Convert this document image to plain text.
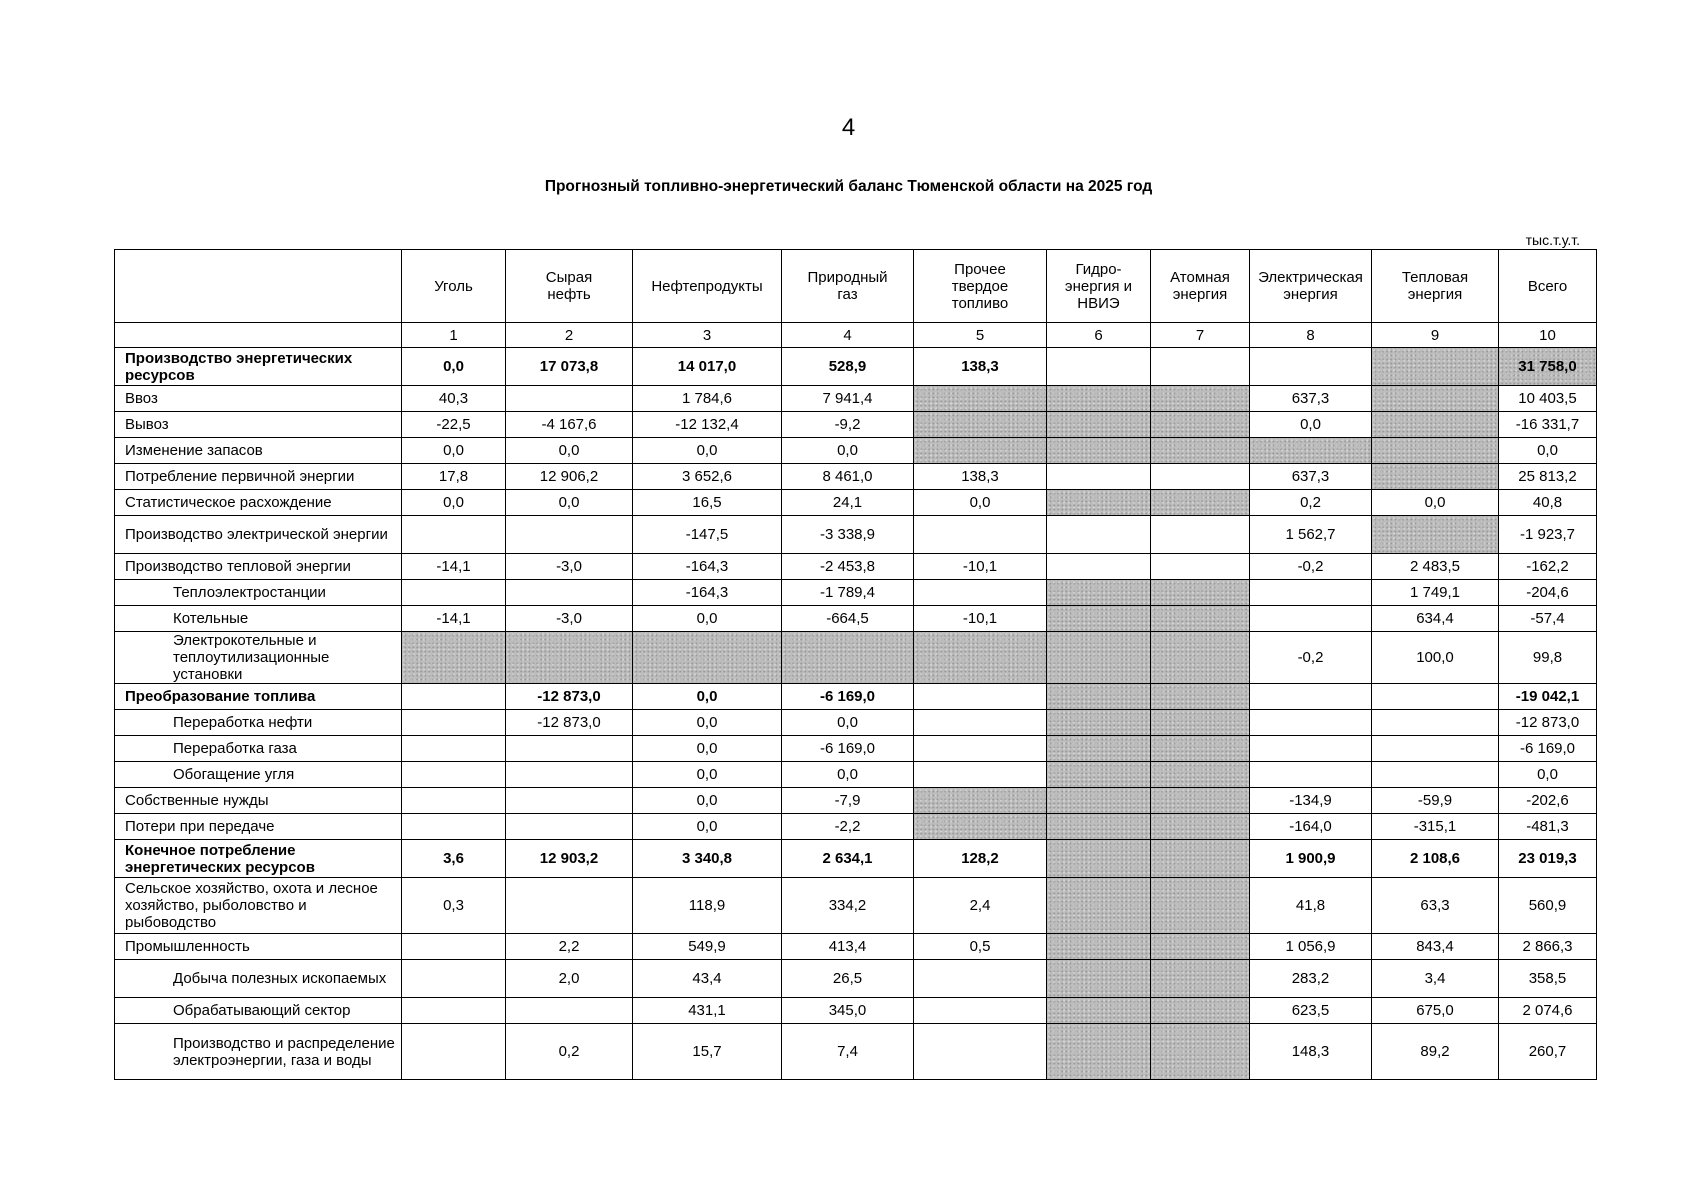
4
Прогнозный топливно-энергетический баланс Тюменской области на 2025 год
тыс.т.у.т.
	Уголь	Сырая нефть	Нефтепродукты	Природный газ	Прочее твердое топливо	Гидро-энергия и НВИЭ	Атомная энергия	Электрическая энергия	Тепловая энергия	Всего
	1	2	3	4	5	6	7	8	9	10
Производство энергетических ресурсов	0,0	17 073,8	14 017,0	528,9	138,3					31 758,0
Ввоз	40,3		1 784,6	7 941,4				637,3		10 403,5
Вывоз	-22,5	-4 167,6	-12 132,4	-9,2				0,0		-16 331,7
Изменение запасов	0,0	0,0	0,0	0,0						0,0
Потребление первичной энергии	17,8	12 906,2	3 652,6	8 461,0	138,3			637,3		25 813,2
Статистическое расхождение	0,0	0,0	16,5	24,1	0,0			0,2	0,0	40,8
Производство электрической энергии			-147,5	-3 338,9				1 562,7		-1 923,7
Производство тепловой энергии	-14,1	-3,0	-164,3	-2 453,8	-10,1			-0,2	2 483,5	-162,2
Теплоэлектростанции			-164,3	-1 789,4					1 749,1	-204,6
Котельные	-14,1	-3,0	0,0	-664,5	-10,1				634,4	-57,4
Электрокотельные и теплоутилизационные установки								-0,2	100,0	99,8
Преобразование топлива		-12 873,0	0,0	-6 169,0						-19 042,1
Переработка нефти		-12 873,0	0,0	0,0						-12 873,0
Переработка газа			0,0	-6 169,0						-6 169,0
Обогащение угля			0,0	0,0						0,0
Собственные нужды			0,0	-7,9				-134,9	-59,9	-202,6
Потери при передаче			0,0	-2,2				-164,0	-315,1	-481,3
Конечное потребление энергетических ресурсов	3,6	12 903,2	3 340,8	2 634,1	128,2			1 900,9	2 108,6	23 019,3
Сельское хозяйство, охота и лесное хозяйство, рыболовство и рыбоводство	0,3		118,9	334,2	2,4			41,8	63,3	560,9
Промышленность		2,2	549,9	413,4	0,5			1 056,9	843,4	2 866,3
Добыча полезных ископаемых		2,0	43,4	26,5				283,2	3,4	358,5
Обрабатывающий сектор			431,1	345,0				623,5	675,0	2 074,6
Производство и распределение электроэнергии, газа и воды		0,2	15,7	7,4				148,3	89,2	260,7
